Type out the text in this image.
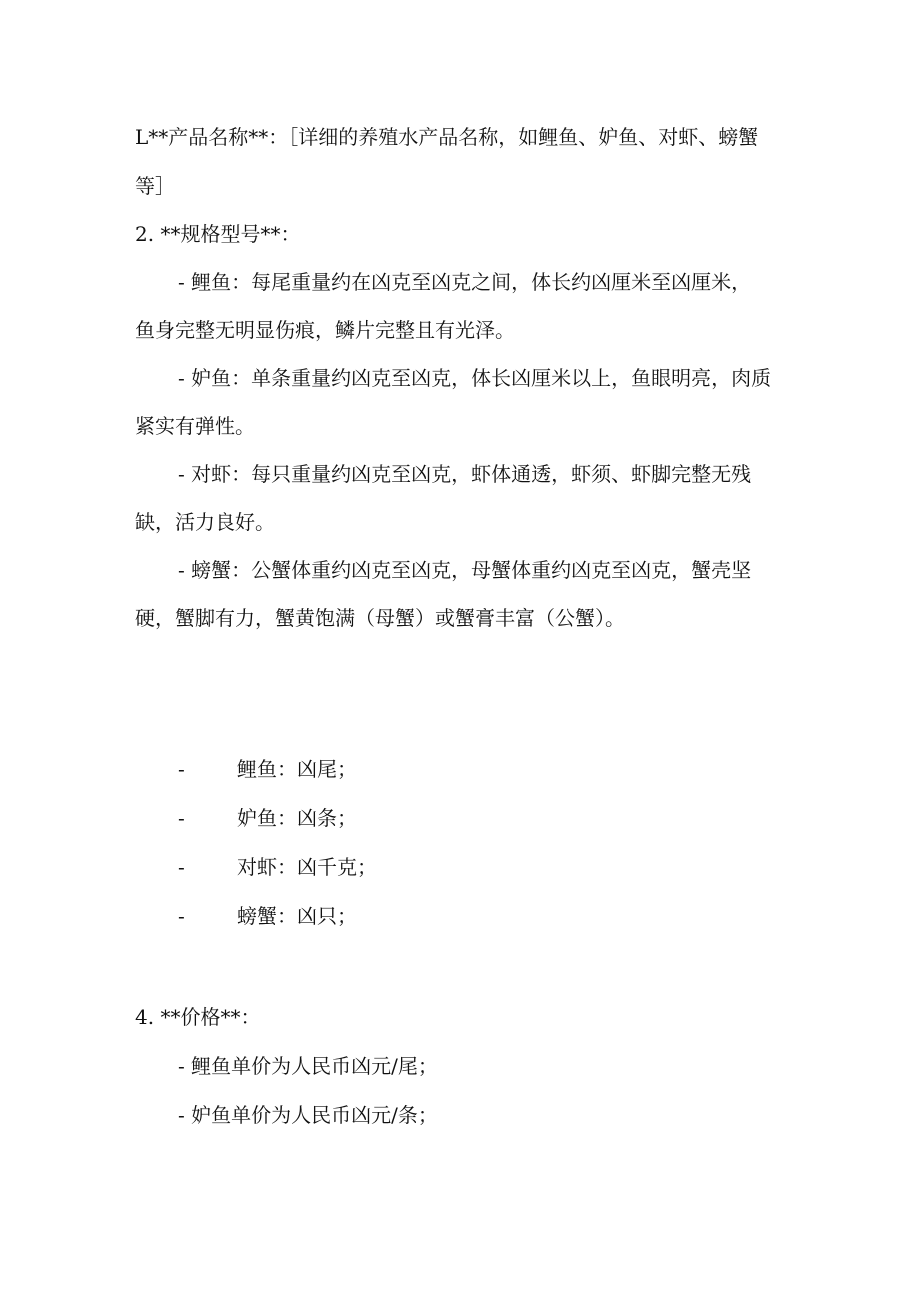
L**产品名称**：［详细的养殖水产品名称，如鲤鱼、妒鱼、对虾、螃蟹
等］
2. **规格型号**：
- 鲤鱼：每尾重量约在凶克至凶克之间，体长约凶厘米至凶厘米，
鱼身完整无明显伤痕，鳞片完整且有光泽。
- 妒鱼：单条重量约凶克至凶克，体长凶厘米以上，鱼眼明亮，肉质
紧实有弹性。
- 对虾：每只重量约凶克至凶克，虾体通透，虾须、虾脚完整无残
缺，活力良好。
- 螃蟹：公蟹体重约凶克至凶克，母蟹体重约凶克至凶克，蟹壳坚
硬，蟹脚有力，蟹黄饱满（母蟹）或蟹膏丰富（公蟹）。
-	鲤鱼：凶尾；
-	妒鱼：凶条；
-	对虾：凶千克；
-	螃蟹：凶只；
4. **价格**：
- 鲤鱼单价为人民币凶元/尾；
- 妒鱼单价为人民币凶元/条；
